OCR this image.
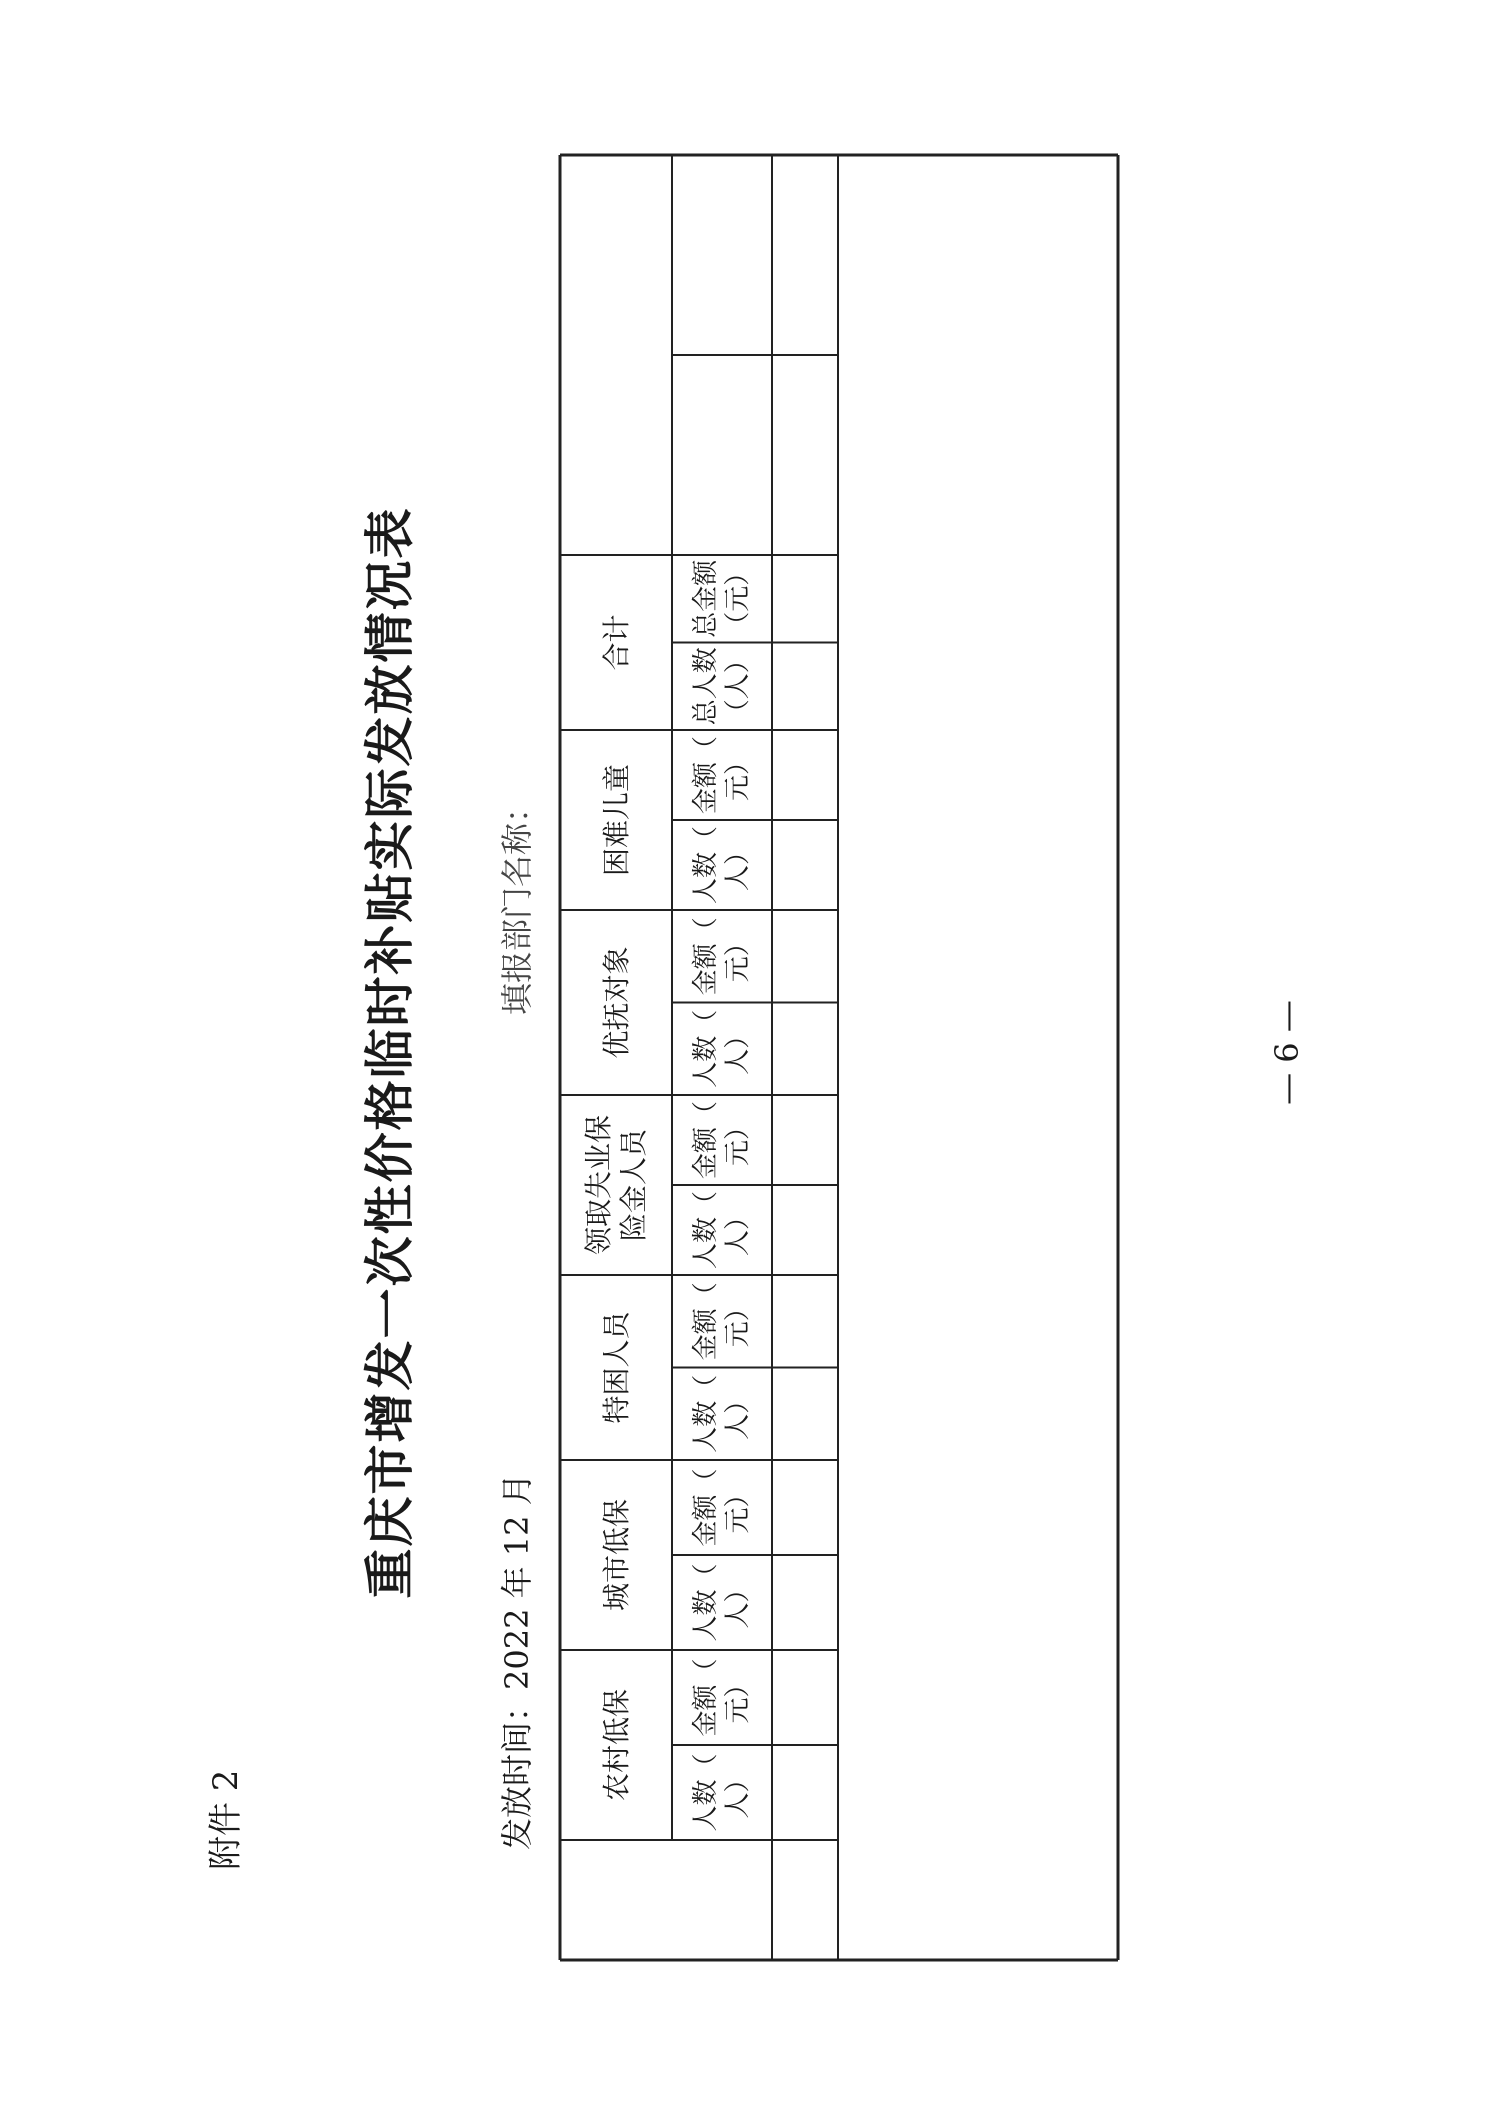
附件 2
重庆市增发一次性价格临时补贴实际发放情况表
发放时间：2022 年 12 月
填报部门名称：
农村低保 人数（ 人）
金额（ 元）
城市低保 人数（ 人）
金额（ 元）
特困人员 人数（ 人）
金额（ 元）
领取失业保 险金人员 人数（ 人）
金额（ 元）
优抚对象 人数（ 人）
金额（ 元）
困难儿童 人数（ 人）
金额（ 元）
合计
总人数 （人）
总金额 （元）
— 6 —
